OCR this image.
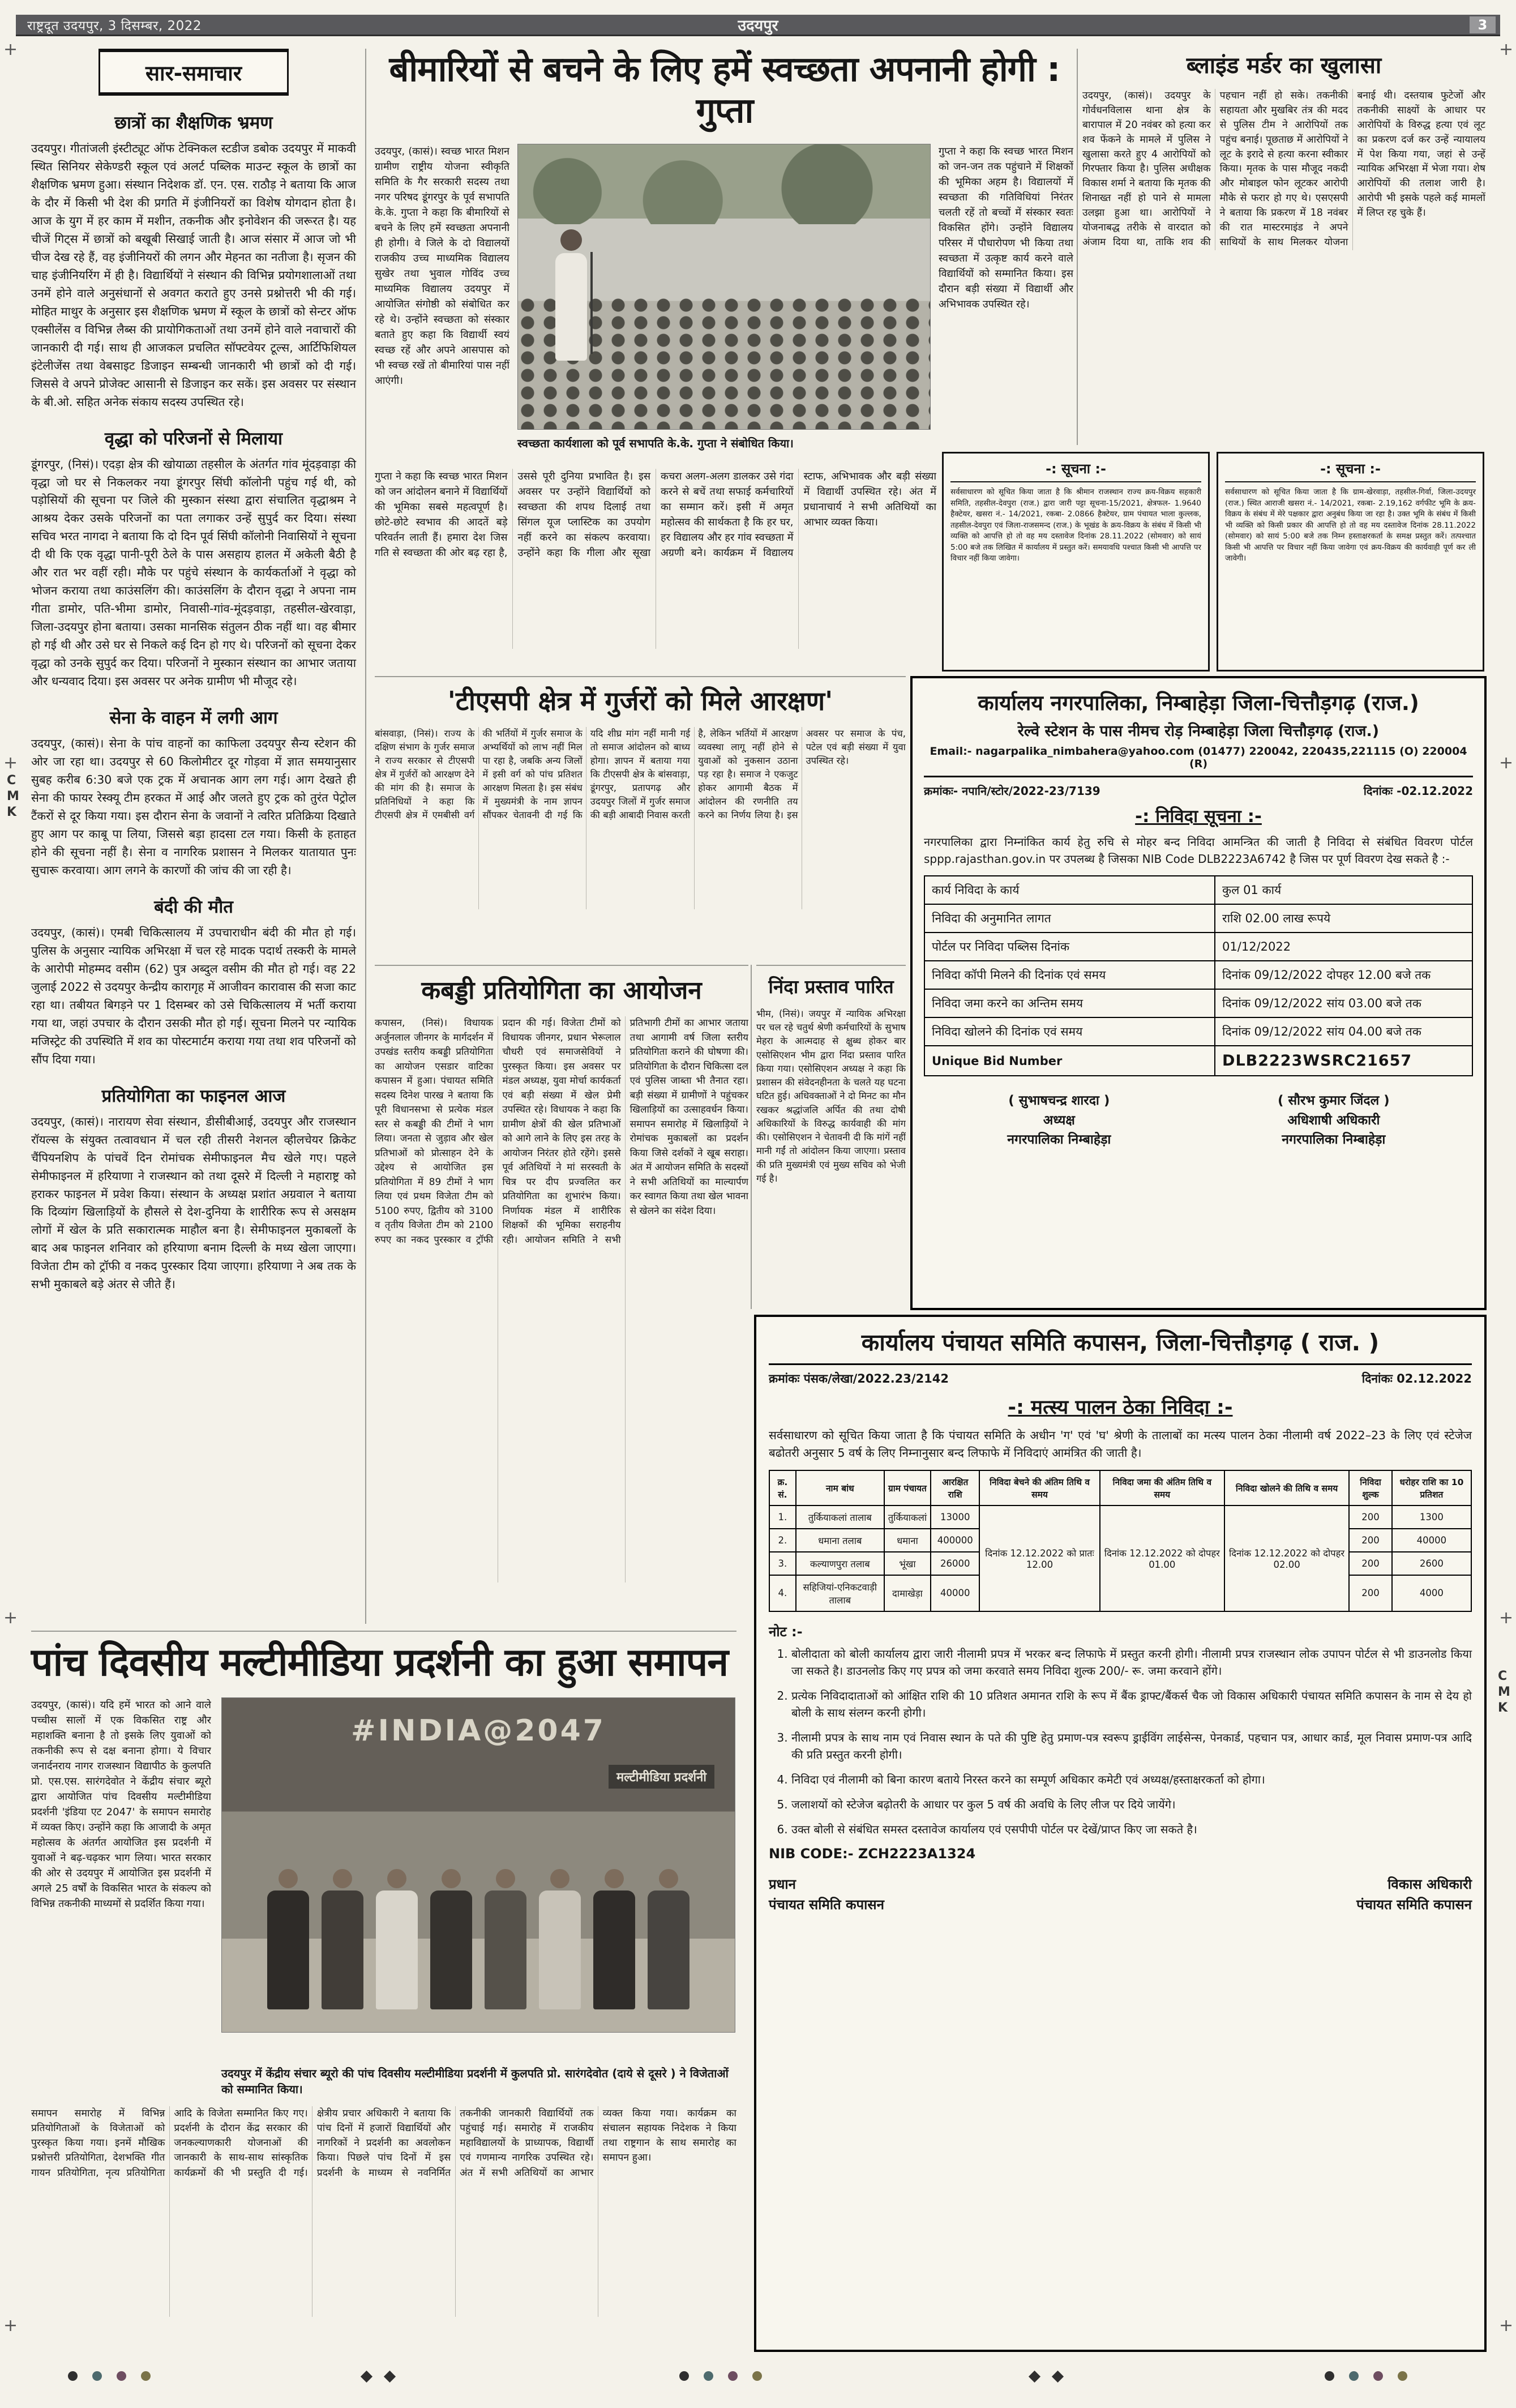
राष्ट्रदूत उदयपुर, 3 दिसम्बर, 2022	उदयपुर	3
+
+
+
+
+
+
+
+
C
M
K
C
M
K
सार-समाचार
छात्रों का शैक्षणिक भ्रमण
उदयपुर। गीतांजली इंस्टीट्यूट ऑफ टेक्निकल स्टडीज डबोक उदयपुर में माकवी स्थित सिनियर सेकेण्डरी स्कूल एवं अलर्ट पब्लिक माउन्ट स्कूल के छात्रों का शैक्षणिक भ्रमण हुआ। संस्थान निदेशक डॉ. एन. एस. राठौड़ ने बताया कि आज के दौर में किसी भी देश की प्रगति में इंजीनियरों का विशेष योगदान होता है। आज के युग में हर काम में मशीन, तकनीक और इनोवेशन की जरूरत है। यह चीजें गिट्स में छात्रों को बखूबी सिखाई जाती है। आज संसार में आज जो भी चीज देख रहे हैं, वह इंजीनियरों की लगन और मेहनत का नतीजा है। सृजन की चाह इंजीनियरिंग में ही है। विद्यार्थियों ने संस्थान की विभिन्न प्रयोगशालाओं तथा उनमें होने वाले अनुसंधानों से अवगत कराते हुए उनसे प्रश्नोत्तरी भी की गई। मोहित माथुर के अनुसार इस शैक्षणिक भ्रमण में स्कूल के छात्रों को सेन्टर ऑफ एक्सीलेंस व विभिन्न लैब्स की प्रायोगिकताओं तथा उनमें होने वाले नवाचारों की जानकारी दी गई। साथ ही आजकल प्रचलित सॉफ्टवेयर टूल्स, आर्टिफिशियल इंटेलीजेंस तथा वेबसाइट डिजाइन सम्बन्धी जानकारी भी छात्रों को दी गई। जिससे वे अपने प्रोजेक्ट आसानी से डिजाइन कर सकें। इस अवसर पर संस्थान के बी.ओ. सहित अनेक संकाय सदस्य उपस्थित रहे।
वृद्धा को परिजनों से मिलाया
डूंगरपुर, (निसं)। एदड़ा क्षेत्र की खोयाळा तहसील के अंतर्गत गांव मूंदड़वाड़ा की वृद्धा जो घर से निकलकर नया डूंगरपुर सिंघी कॉलोनी पहुंच गई थी, को पड़ोसियों की सूचना पर जिले की मुस्कान संस्था द्वारा संचालित वृद्धाश्रम ने आश्रय देकर उसके परिजनों का पता लगाकर उन्हें सुपुर्द कर दिया। संस्था सचिव भरत नागदा ने बताया कि दो दिन पूर्व सिंघी कॉलोनी निवासियों ने सूचना दी थी कि एक वृद्धा पानी-पूरी ठेले के पास असहाय हालत में अकेली बैठी है और रात भर वहीं रही। मौके पर पहुंचे संस्थान के कार्यकर्ताओं ने वृद्धा को भोजन कराया तथा काउंसलिंग की। काउंसलिंग के दौरान वृद्धा ने अपना नाम गीता डामोर, पति-भीमा डामोर, निवासी-गांव-मूंदड़वाड़ा, तहसील-खेरवाड़ा, जिला-उदयपुर होना बताया। उसका मानसिक संतुलन ठीक नहीं था। वह बीमार हो गई थी और उसे घर से निकले कई दिन हो गए थे। परिजनों को सूचना देकर वृद्धा को उनके सुपुर्द कर दिया। परिजनों ने मुस्कान संस्थान का आभार जताया और धन्यवाद दिया। इस अवसर पर अनेक ग्रामीण भी मौजूद रहे।
सेना के वाहन में लगी आग
उदयपुर, (कासं)। सेना के पांच वाहनों का काफिला उदयपुर सैन्य स्टेशन की ओर जा रहा था। उदयपुर से 60 किलोमीटर दूर गोड़वा में ज्ञात समयानुसार सुबह करीब 6:30 बजे एक ट्रक में अचानक आग लग गई। आग देखते ही सेना की फायर रेस्क्यू टीम हरकत में आई और जलते हुए ट्रक को तुरंत पेट्रोल टैंकरों से दूर किया गया। इस दौरान सेना के जवानों ने त्वरित प्रतिक्रिया दिखाते हुए आग पर काबू पा लिया, जिससे बड़ा हादसा टल गया। किसी के हताहत होने की सूचना नहीं है। सेना व नागरिक प्रशासन ने मिलकर यातायात पुनः सुचारू करवाया। आग लगने के कारणों की जांच की जा रही है।
बंदी की मौत
उदयपुर, (कासं)। एमबी चिकित्सालय में उपचाराधीन बंदी की मौत हो गई। पुलिस के अनुसार न्यायिक अभिरक्षा में चल रहे मादक पदार्थ तस्करी के मामले के आरोपी मोहम्मद वसीम (62) पुत्र अब्दुल वसीम की मौत हो गई। वह 22 जुलाई 2022 से उदयपुर केन्द्रीय कारागृह में आजीवन कारावास की सजा काट रहा था। तबीयत बिगड़ने पर 1 दिसम्बर को उसे चिकित्सालय में भर्ती कराया गया था, जहां उपचार के दौरान उसकी मौत हो गई। सूचना मिलने पर न्यायिक मजिस्ट्रेट की उपस्थिति में शव का पोस्टमार्टम कराया गया तथा शव परिजनों को सौंप दिया गया।
प्रतियोगिता का फाइनल आज
उदयपुर, (कासं)। नारायण सेवा संस्थान, डीसीबीआई, उदयपुर और राजस्थान रॉयल्स के संयुक्त तत्वावधान में चल रही तीसरी नेशनल व्हीलचेयर क्रिकेट चैंपियनशिप के पांचवें दिन रोमांचक सेमीफाइनल मैच खेले गए। पहले सेमीफाइनल में हरियाणा ने राजस्थान को तथा दूसरे में दिल्ली ने महाराष्ट्र को हराकर फाइनल में प्रवेश किया। संस्थान के अध्यक्ष प्रशांत अग्रवाल ने बताया कि दिव्यांग खिलाड़ियों के हौसले से देश-दुनिया के शारीरिक रूप से असक्षम लोगों में खेल के प्रति सकारात्मक माहौल बना है। सेमीफाइनल मुकाबलों के बाद अब फाइनल शनिवार को हरियाणा बनाम दिल्ली के मध्य खेला जाएगा। विजेता टीम को ट्रॉफी व नकद पुरस्कार दिया जाएगा। हरियाणा ने अब तक के सभी मुकाबले बड़े अंतर से जीते हैं।
बीमारियों से बचने के लिए हमें स्वच्छता अपनानी होगी : गुप्ता
उदयपुर, (कासं)। स्वच्छ भारत मिशन ग्रामीण राष्ट्रीय योजना स्वीकृति समिति के गैर सरकारी सदस्य तथा नगर परिषद डूंगरपुर के पूर्व सभापति के.के. गुप्ता ने कहा कि बीमारियों से बचने के लिए हमें स्वच्छता अपनानी ही होगी। वे जिले के दो विद्यालयों राजकीय उच्च माध्यमिक विद्यालय सुखेर तथा भुवाल गोविंद उच्च माध्यमिक विद्यालय उदयपुर में आयोजित संगोष्ठी को संबोधित कर रहे थे। उन्होंने स्वच्छता को संस्कार बताते हुए कहा कि विद्यार्थी स्वयं स्वच्छ रहें और अपने आसपास को भी स्वच्छ रखें तो बीमारियां पास नहीं आएंगी।
स्वच्छता कार्यशाला को पूर्व सभापति के.के. गुप्ता ने संबोधित किया।
गुप्ता ने कहा कि स्वच्छ भारत मिशन को जन-जन तक पहुंचाने में शिक्षकों की भूमिका अहम है। विद्यालयों में स्वच्छता की गतिविधियां निरंतर चलती रहें तो बच्चों में संस्कार स्वतः विकसित होंगे। उन्होंने विद्यालय परिसर में पौधारोपण भी किया तथा स्वच्छता में उत्कृष्ट कार्य करने वाले विद्यार्थियों को सम्मानित किया। इस दौरान बड़ी संख्या में विद्यार्थी और अभिभावक उपस्थित रहे।
गुप्ता ने कहा कि स्वच्छ भारत मिशन को जन आंदोलन बनाने में विद्यार्थियों की भूमिका सबसे महत्वपूर्ण है। छोटे-छोटे स्वभाव की आदतें बड़े परिवर्तन लाती हैं। हमारा देश जिस गति से स्वच्छता की ओर बढ़ रहा है, उससे पूरी दुनिया प्रभावित है। इस अवसर पर उन्होंने विद्यार्थियों को स्वच्छता की शपथ दिलाई तथा सिंगल यूज प्लास्टिक का उपयोग नहीं करने का संकल्प करवाया। उन्होंने कहा कि गीला और सूखा कचरा अलग-अलग डालकर उसे गंदा करने से बचें तथा सफाई कर्मचारियों का सम्मान करें। इसी में अमृत महोत्सव की सार्थकता है कि हर घर, हर विद्यालय और हर गांव स्वच्छता में अग्रणी बने। कार्यक्रम में विद्यालय स्टाफ, अभिभावक और बड़ी संख्या में विद्यार्थी उपस्थित रहे। अंत में प्रधानाचार्य ने सभी अतिथियों का आभार व्यक्त किया।
ब्लाइंड मर्डर का खुलासा
उदयपुर, (कासं)। उदयपुर के गोर्वधनविलास थाना क्षेत्र के बारापाल में 20 नवंबर को हत्या कर शव फेंकने के मामले में पुलिस ने खुलासा करते हुए 4 आरोपियों को गिरफ्तार किया है। पुलिस अधीक्षक विकास शर्मा ने बताया कि मृतक की शिनाख्त नहीं हो पाने से मामला उलझा हुआ था। आरोपियों ने योजनाबद्ध तरीके से वारदात को अंजाम दिया था, ताकि शव की पहचान नहीं हो सके। तकनीकी सहायता और मुखबिर तंत्र की मदद से पुलिस टीम ने आरोपियों तक पहुंच बनाई। पूछताछ में आरोपियों ने लूट के इरादे से हत्या करना स्वीकार किया। मृतक के पास मौजूद नकदी और मोबाइल फोन लूटकर आरोपी मौके से फरार हो गए थे। एसएसपी ने बताया कि प्रकरण में 18 नवंबर की रात मास्टरमाइंड ने अपने साथियों के साथ मिलकर योजना बनाई थी। दस्तयाब फुटेजों और तकनीकी साक्ष्यों के आधार पर आरोपियों के विरुद्ध हत्या एवं लूट का प्रकरण दर्ज कर उन्हें न्यायालय में पेश किया गया, जहां से उन्हें न्यायिक अभिरक्षा में भेजा गया। शेष आरोपियों की तलाश जारी है। आरोपी भी इसके पहले कई मामलों में लिप्त रह चुके हैं।
-: सूचना :-
सर्वसाधारण को सूचित किया जाता है कि श्रीमान राजस्थान राज्य क्रय-विक्रय सहकारी समिति, तहसील-देवपुरा (राज.) द्वारा जारी पट्टा सूचना-15/2021, क्षेत्रफल- 1.9640 हैक्टेयर, खसरा नं.- 14/2021, रकबा- 2.0866 हैक्टेयर, ग्राम पंचायत भाला कुल्लक, तहसील-देवपुरा एवं जिला-राजसमन्द (राज.) के भूखंड के क्रय-विक्रय के संबंध में किसी भी व्यक्ति को आपत्ति हो तो वह मय दस्तावेज दिनांक 28.11.2022 (सोमवार) को सायं 5:00 बजे तक लिखित में कार्यालय में प्रस्तुत करें। समयावधि पश्चात किसी भी आपत्ति पर विचार नहीं किया जावेगा।
-: सूचना :-
सर्वसाधारण को सूचित किया जाता है कि ग्राम-खेरवाड़ा, तहसील-गिर्वा, जिला-उदयपुर (राज.) स्थित आराजी खसरा नं.- 14/2021, रकबा- 2.19,162 वर्गफीट भूमि के क्रय-विक्रय के संबंध में मेरे पक्षकार द्वारा अनुबंध किया जा रहा है। उक्त भूमि के संबंध में किसी भी व्यक्ति को किसी प्रकार की आपत्ति हो तो वह मय दस्तावेज दिनांक 28.11.2022 (सोमवार) को सायं 5:00 बजे तक निम्न हस्ताक्षरकर्ता के समक्ष प्रस्तुत करें। तत्पश्चात किसी भी आपत्ति पर विचार नहीं किया जावेगा एवं क्रय-विक्रय की कार्यवाही पूर्ण कर ली जावेगी।
'टीएसपी क्षेत्र में गुर्जरों को मिले आरक्षण'
बांसवाड़ा, (निसं)। राज्य के दक्षिण संभाग के गुर्जर समाज ने राज्य सरकार से टीएसपी क्षेत्र में गुर्जरों को आरक्षण देने की मांग की है। समाज के प्रतिनिधियों ने कहा कि टीएसपी क्षेत्र में एमबीसी वर्ग की भर्तियों में गुर्जर समाज के अभ्यर्थियों को लाभ नहीं मिल पा रहा है, जबकि अन्य जिलों में इसी वर्ग को पांच प्रतिशत आरक्षण मिलता है। इस संबंध में मुख्यमंत्री के नाम ज्ञापन सौंपकर चेतावनी दी गई कि यदि शीघ्र मांग नहीं मानी गई तो समाज आंदोलन को बाध्य होगा। ज्ञापन में बताया गया कि टीएसपी क्षेत्र के बांसवाड़ा, डूंगरपुर, प्रतापगढ़ और उदयपुर जिलों में गुर्जर समाज की बड़ी आबादी निवास करती है, लेकिन भर्तियों में आरक्षण व्यवस्था लागू नहीं होने से युवाओं को नुकसान उठाना पड़ रहा है। समाज ने एकजुट होकर आगामी बैठक में आंदोलन की रणनीति तय करने का निर्णय लिया है। इस अवसर पर समाज के पंच, पटेल एवं बड़ी संख्या में युवा उपस्थित रहे।
कबड्डी प्रतियोगिता का आयोजन
कपासन, (निसं)। विधायक अर्जुनलाल जीनगर के मार्गदर्शन में उपखंड स्तरीय कबड्डी प्रतियोगिता का आयोजन एसडार वाटिका कपासन में हुआ। पंचायत समिति सदस्य दिनेश पारख ने बताया कि पूरी विधानसभा से प्रत्येक मंडल स्तर से कबड्डी की टीमों ने भाग लिया। जनता से जुड़ाव और खेल प्रतिभाओं को प्रोत्साहन देने के उद्देश्य से आयोजित इस प्रतियोगिता में 89 टीमों ने भाग लिया एवं प्रथम विजेता टीम को 5100 रुपए, द्वितीय को 3100 व तृतीय विजेता टीम को 2100 रुपए का नकद पुरस्कार व ट्रॉफी प्रदान की गई। विजेता टीमों को विधायक जीनगर, प्रधान भेरूलाल चौधरी एवं समाजसेवियों ने पुरस्कृत किया। इस अवसर पर मंडल अध्यक्ष, युवा मोर्चा कार्यकर्ता एवं बड़ी संख्या में खेल प्रेमी उपस्थित रहे। विधायक ने कहा कि ग्रामीण क्षेत्रों की खेल प्रतिभाओं को आगे लाने के लिए इस तरह के आयोजन निरंतर होते रहेंगे। इससे पूर्व अतिथियों ने मां सरस्वती के चित्र पर दीप प्रज्वलित कर प्रतियोगिता का शुभारंभ किया। निर्णायक मंडल में शारीरिक शिक्षकों की भूमिका सराहनीय रही। आयोजन समिति ने सभी प्रतिभागी टीमों का आभार जताया तथा आगामी वर्ष जिला स्तरीय प्रतियोगिता कराने की घोषणा की। प्रतियोगिता के दौरान चिकित्सा दल एवं पुलिस जाब्ता भी तैनात रहा। बड़ी संख्या में ग्रामीणों ने पहुंचकर खिलाड़ियों का उत्साहवर्धन किया। समापन समारोह में खिलाड़ियों ने रोमांचक मुकाबलों का प्रदर्शन किया जिसे दर्शकों ने खूब सराहा। अंत में आयोजन समिति के सदस्यों ने सभी अतिथियों का माल्यार्पण कर स्वागत किया तथा खेल भावना से खेलने का संदेश दिया।
निंदा प्रस्ताव पारित
भीम, (निसं)। जयपुर में न्यायिक अभिरक्षा पर चल रहे चतुर्थ श्रेणी कर्मचारियों के सुभाष मेहरा के आत्मदाह से क्षुब्ध होकर बार एसोसिएशन भीम द्वारा निंदा प्रस्ताव पारित किया गया। एसोसिएशन अध्यक्ष ने कहा कि प्रशासन की संवेदनहीनता के चलते यह घटना घटित हुई। अधिवक्ताओं ने दो मिनट का मौन रखकर श्रद्धांजलि अर्पित की तथा दोषी अधिकारियों के विरुद्ध कार्यवाही की मांग की। एसोसिएशन ने चेतावनी दी कि मांगें नहीं मानी गईं तो आंदोलन किया जाएगा। प्रस्ताव की प्रति मुख्यमंत्री एवं मुख्य सचिव को भेजी गई है।
कार्यालय नगरपालिका, निम्बाहेड़ा जिला-चित्तौड़गढ़ (राज.)
रेल्वे स्टेशन के पास नीमच रोड़ निम्बाहेड़ा जिला चित्तौड़गढ़ (राज.)
Email:- nagarpalika_nimbahera@yahoo.com (01477) 220042, 220435,221115 (O) 220004 (R)
क्रमांकः- नपानि/स्टोर/2022-23/7139	दिनांकः -02.12.2022
-: निविदा सूचना :-
नगरपालिका द्वारा निम्नांकित कार्य हेतु रुचि से मोहर बन्द निविदा आमन्त्रित की जाती है निविदा से संबंधित विवरण पोर्टल sppp.rajasthan.gov.in पर उपलब्ध है जिसका NIB Code DLB2223A6742 है जिस पर पूर्ण विवरण देख सकते है :-
कार्य निविदा के कार्य	कुल 01 कार्य
निविदा की अनुमानित लागत	राशि 02.00 लाख रूपये
पोर्टल पर निविदा पब्लिस दिनांक	01/12/2022
निविदा कॉपी मिलने की दिनांक एवं समय	दिनांक 09/12/2022 दोपहर 12.00 बजे तक
निविदा जमा करने का अन्तिम समय	दिनांक 09/12/2022 सांय 03.00 बजे तक
निविदा खोलने की दिनांक एवं समय	दिनांक 09/12/2022 सांय 04.00 बजे तक
Unique Bid Number	DLB2223WSRC21657
( सुभाषचन्द्र शारदा )
अध्यक्ष
नगरपालिका निम्बाहेड़ा
( सौरभ कुमार जिंदल )
अधिशाषी अधिकारी
नगरपालिका निम्बाहेड़ा
कार्यालय पंचायत समिति कपासन, जिला-चित्तौड़गढ़ ( राज. )
क्रमांकः पंसक/लेखा/2022.23/2142	दिनांकः 02.12.2022
-: मत्स्य पालन ठेका निविदा :-
सर्वसाधारण को सूचित किया जाता है कि पंचायत समिति के अधीन 'ग' एवं 'घ' श्रेणी के तालाबों का मत्स्य पालन ठेका नीलामी वर्ष 2022–23 के लिए एवं स्टेजेज बढोतरी अनुसार 5 वर्ष के लिए निम्नानुसार बन्द लिफाफे में निविदाएं आमंत्रित की जाती है।
क्र. सं.	नाम बांध	ग्राम पंचायत	आरक्षित राशि	निविदा बेचने की अंतिम तिथि व समय	निविदा जमा की अंतिम तिथि व समय	निविदा खोलने की तिथि व समय	निविदा शुल्क	धरोहर राशि का 10 प्रतिशत
1.	तुर्कियाकलां तालाब	तुर्कियाकलां	13000	दिनांक 12.12.2022 को प्रातः 12.00	दिनांक 12.12.2022 को दोपहर 01.00	दिनांक 12.12.2022 को दोपहर 02.00	200	1300
2.	धमाना तलाब	धमाना	400000				200	40000
3.	कल्याणपुरा तलाब	भूंखा	26000				200	2600
4.	सहिजियां-एनिकटवाड़ी तालाब	दामाखेड़ा	40000				200	4000
नोट :-
1. बोलीदाता को बोली कार्यालय द्वारा जारी नीलामी प्रपत्र में भरकर बन्द लिफाफे में प्रस्तुत करनी होगी। नीलामी प्रपत्र राजस्थान लोक उपापन पोर्टल से भी डाउनलोड किया जा सकते है। डाउनलोड किए गए प्रपत्र को जमा करवाते समय निविदा शुल्क 200/- रू. जमा करवाने होंगे।
2. प्रत्येक निविदादाताओं को आंक्षित राशि की 10 प्रतिशत अमानत राशि के रूप में बैंक ड्राफ्ट/बैंकर्स चैक जो विकास अधिकारी पंचायत समिति कपासन के नाम से देय हो बोली के साथ संलग्न करनी होगी।
3. नीलामी प्रपत्र के साथ नाम एवं निवास स्थान के पते की पुष्टि हेतु प्रमाण-पत्र स्वरूप ड्राईविंग लाईसेन्स, पेनकार्ड, पहचान पत्र, आधार कार्ड, मूल निवास प्रमाण-पत्र आदि की प्रति प्रस्तुत करनी होगी।
4. निविदा एवं नीलामी को बिना कारण बताये निरस्त करने का सम्पूर्ण अधिकार कमेटी एवं अध्यक्ष/हस्ताक्षरकर्ता को होगा।
5. जलाशयों को स्टेजेज बढ़ोतरी के आधार पर कुल 5 वर्ष की अवधि के लिए लीज पर दिये जायेंगे।
6. उक्त बोली से संबंधित समस्त दस्तावेज कार्यालय एवं एसपीपी पोर्टल पर देखें/प्राप्त किए जा सकते है।
NIB CODE:- ZCH2223A1324
प्रधान
पंचायत समिति कपासन
विकास अधिकारी
पंचायत समिति कपासन
पांच दिवसीय मल्टीमीडिया प्रदर्शनी का हुआ समापन
उदयपुर, (कासं)। यदि हमें भारत को आने वाले पच्चीस सालों में एक विकसित राष्ट्र और महाशक्ति बनाना है तो इसके लिए युवाओं को तकनीकी रूप से दक्ष बनाना होगा। ये विचार जनार्दनराय नागर राजस्थान विद्यापीठ के कुलपति प्रो. एस.एस. सारंगदेवोत ने केंद्रीय संचार ब्यूरो द्वारा आयोजित पांच दिवसीय मल्टीमीडिया प्रदर्शनी 'इंडिया एट 2047' के समापन समारोह में व्यक्त किए। उन्होंने कहा कि आजादी के अमृत महोत्सव के अंतर्गत आयोजित इस प्रदर्शनी में युवाओं ने बढ़-चढ़कर भाग लिया। भारत सरकार की ओर से उदयपुर में आयोजित इस प्रदर्शनी में अगले 25 वर्षों के विकसित भारत के संकल्प को विभिन्न तकनीकी माध्यमों से प्रदर्शित किया गया।
#INDIA@2047
मल्टीमीडिया प्रदर्शनी
उदयपुर में केंद्रीय संचार ब्यूरो की पांच दिवसीय मल्टीमीडिया प्रदर्शनी में कुलपति प्रो. सारंगदेवोत (दाये से दूसरे ) ने विजेताओं को सम्मानित किया।
समापन समारोह में विभिन्न प्रतियोगिताओं के विजेताओं को पुरस्कृत किया गया। इनमें मौखिक प्रश्नोत्तरी प्रतियोगिता, देशभक्ति गीत गायन प्रतियोगिता, नृत्य प्रतियोगिता आदि के विजेता सम्मानित किए गए। प्रदर्शनी के दौरान केंद्र सरकार की जनकल्याणकारी योजनाओं की जानकारी के साथ-साथ सांस्कृतिक कार्यक्रमों की भी प्रस्तुति दी गई। क्षेत्रीय प्रचार अधिकारी ने बताया कि पांच दिनों में हजारों विद्यार्थियों और नागरिकों ने प्रदर्शनी का अवलोकन किया। पिछले पांच दिनों में इस प्रदर्शनी के माध्यम से नवनिर्मित तकनीकी जानकारी विद्यार्थियों तक पहुंचाई गई। समारोह में राजकीय महाविद्यालयों के प्राध्यापक, विद्यार्थी एवं गणमान्य नागरिक उपस्थित रहे। अंत में सभी अतिथियों का आभार व्यक्त किया गया। कार्यक्रम का संचालन सहायक निदेशक ने किया तथा राष्ट्रगान के साथ समारोह का समापन हुआ।
